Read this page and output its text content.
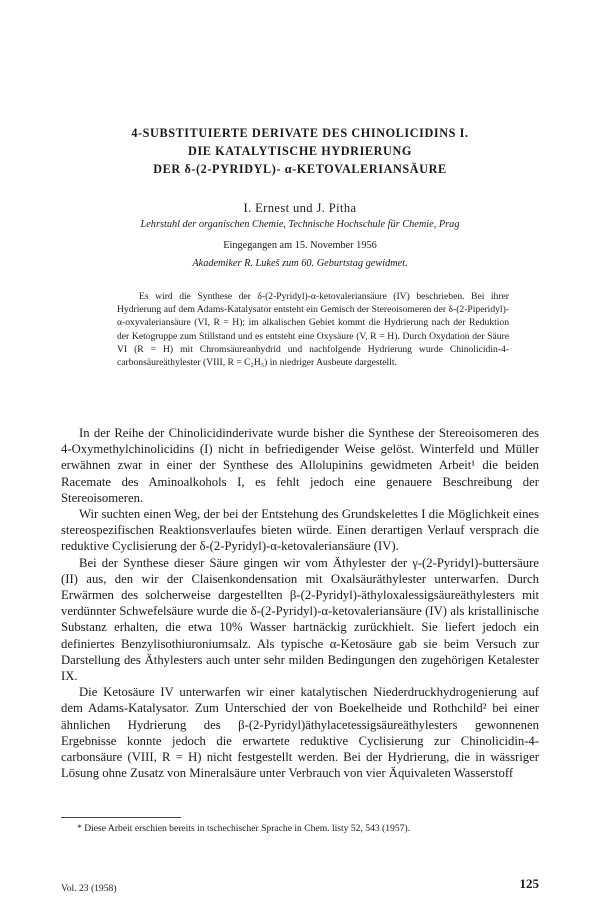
4-SUBSTITUIERTE DERIVATE DES CHINOLICIDINS I.
DIE KATALYTISCHE HYDRIERUNG
DER δ-(2-PYRIDYL)- α-KETOVALERIANSÄURE

I. Ernest und J. Pitha

Lehrstuhl der organischen Chemie, Technische Hochschule für Chemie, Prag

Eingegangen am 15. November 1956

Akademiker R. Lukeš zum 60. Geburtstag gewidmet.

Es wird die Synthese der δ-(2-Pyridyl)-α-ketovaleriansäure (IV) beschrieben. Bei ihrer Hydrierung auf dem Adams-Katalysator entsteht ein Gemisch der Stereoisomeren der δ-(2-Piperidyl)-α-oxyvaleriansäure (VI, R = H); im alkalischen Gebiet kommt die Hydrierung nach der Reduktion der Ketogruppe zum Stillstand und es entsteht eine Oxysäure (V, R = H). Durch Oxydation der Säure VI (R = H) mit Chromsäureanhydrid und nachfolgende Hydrierung wurde Chinolicidin-4-carbonsäureäthylester (VIII, R = C₂H₅) in niedriger Ausbeute dargestellt.

In der Reihe der Chinolicidinderivate wurde bisher die Synthese der Stereoisomeren des 4-Oxymethylchinolicidins (I) nicht in befriedigender Weise gelöst. Winterfeld und Müller erwähnen zwar in einer der Synthese des Allolupinins gewidmeten Arbeit¹ die beiden Racemate des Aminoalkohols I, es fehlt jedoch eine genauere Beschreibung der Stereoisomeren.

Wir suchten einen Weg, der bei der Entstehung des Grundskelettes I die Möglichkeit eines stereospezifischen Reaktionsverlaufes bieten würde. Einen derartigen Verlauf versprach die reduktive Cyclisierung der δ-(2-Pyridyl)-α-ketovaleriansäure (IV).

Bei der Synthese dieser Säure gingen wir vom Äthylester der γ-(2-Pyridyl)-buttersäure (II) aus, den wir der Claisenkondensation mit Oxalsäuräthylester unterwarfen. Durch Erwärmen des solcherweise dargestellten β-(2-Pyridyl)-äthyloxalessigsäureäthylesters mit verdünnter Schwefelsäure wurde die δ-(2-Pyridyl)-α-ketovaleriansäure (IV) als kristallinische Substanz erhalten, die etwa 10% Wasser hartnäckig zurückhielt. Sie liefert jedoch ein definiertes Benzylisothiuroniumsalz. Als typische α-Ketosäure gab sie beim Versuch zur Darstellung des Äthylesters auch unter sehr milden Bedingungen den zugehörigen Ketalester IX.

Die Ketosäure IV unterwarfen wir einer katalytischen Niederdruckhydrogenierung auf dem Adams-Katalysator. Zum Unterschied der von Boekelheide und Rothchild² bei einer ähnlichen Hydrierung des β-(2-Pyridyl)äthylacetessigsäureäthylesters gewonnenen Ergebnisse konnte jedoch die erwartete reduktive Cyclisierung zur Chinolicidin-4-carbonsäure (VIII, R = H) nicht festgestellt werden. Bei der Hydrierung, die in wässriger Lösung ohne Zusatz von Mineralsäure unter Verbrauch von vier Äquivaleten Wasserstoff

* Diese Arbeit erschien bereits in tschechischer Sprache in Chem. listy 52, 543 (1957).

Vol. 23 (1958)	125
